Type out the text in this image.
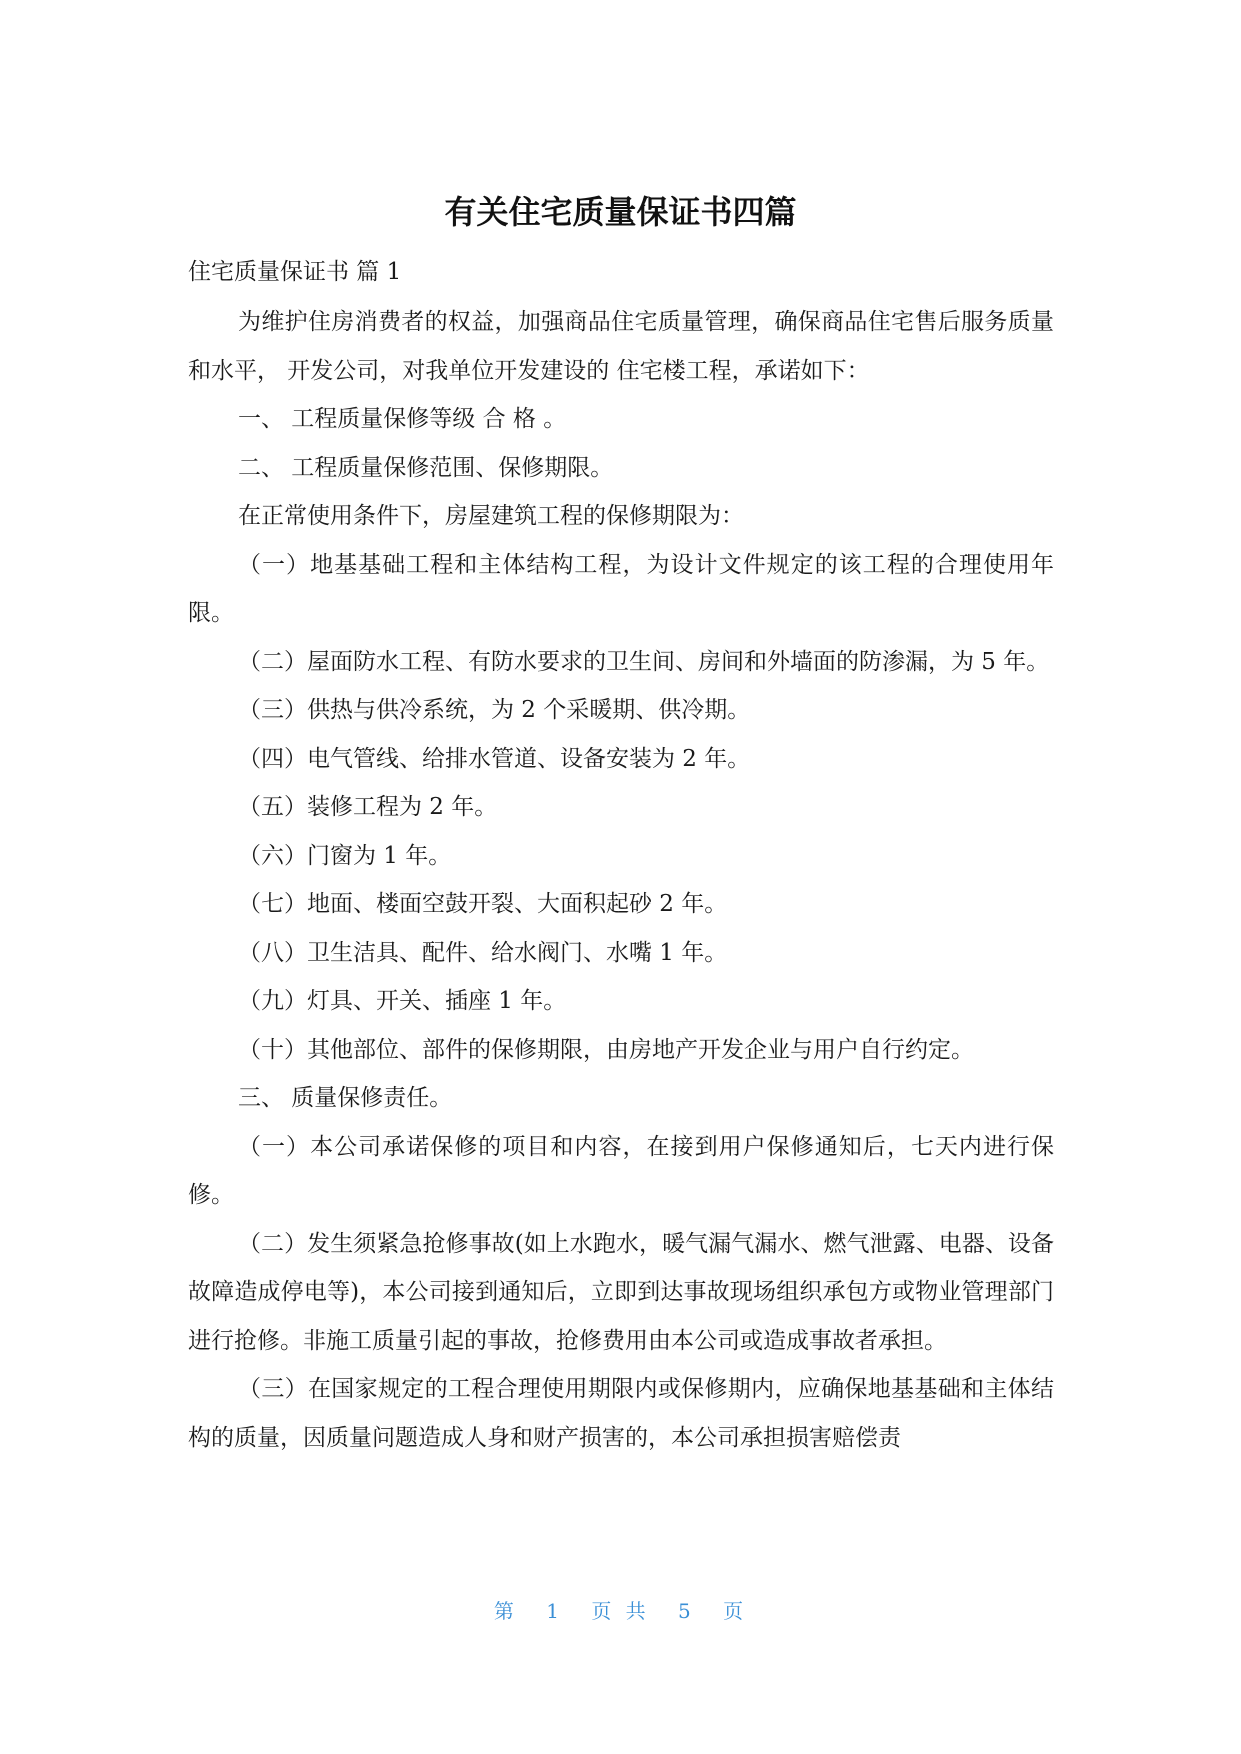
有关住宅质量保证书四篇

住宅质量保证书 篇 1

为维护住房消费者的权益，加强商品住宅质量管理，确保商品住宅售后服务质量和水平， 开发公司，对我单位开发建设的 住宅楼工程，承诺如下：

一、 工程质量保修等级 合 格 。

二、 工程质量保修范围、保修期限。

在正常使用条件下，房屋建筑工程的保修期限为：

（一）地基基础工程和主体结构工程，为设计文件规定的该工程的合理使用年限。

（二）屋面防水工程、有防水要求的卫生间、房间和外墙面的防渗漏，为 5 年。

（三）供热与供冷系统，为 2 个采暖期、供冷期。

（四）电气管线、给排水管道、设备安装为 2 年。

（五）装修工程为 2 年。

（六）门窗为 1 年。

（七）地面、楼面空鼓开裂、大面积起砂 2 年。

（八）卫生洁具、配件、给水阀门、水嘴 1 年。

（九）灯具、开关、插座 1 年。

（十）其他部位、部件的保修期限，由房地产开发企业与用户自行约定。

三、 质量保修责任。

（一）本公司承诺保修的项目和内容，在接到用户保修通知后，七天内进行保修。

（二）发生须紧急抢修事故(如上水跑水，暖气漏气漏水、燃气泄露、电器、设备故障造成停电等)，本公司接到通知后，立即到达事故现场组织承包方或物业管理部门进行抢修。非施工质量引起的事故，抢修费用由本公司或造成事故者承担。

（三）在国家规定的工程合理使用期限内或保修期内，应确保地基基础和主体结构的质量，因质量问题造成人身和财产损害的，本公司承担损害赔偿责

第 1 页 共 5 页
